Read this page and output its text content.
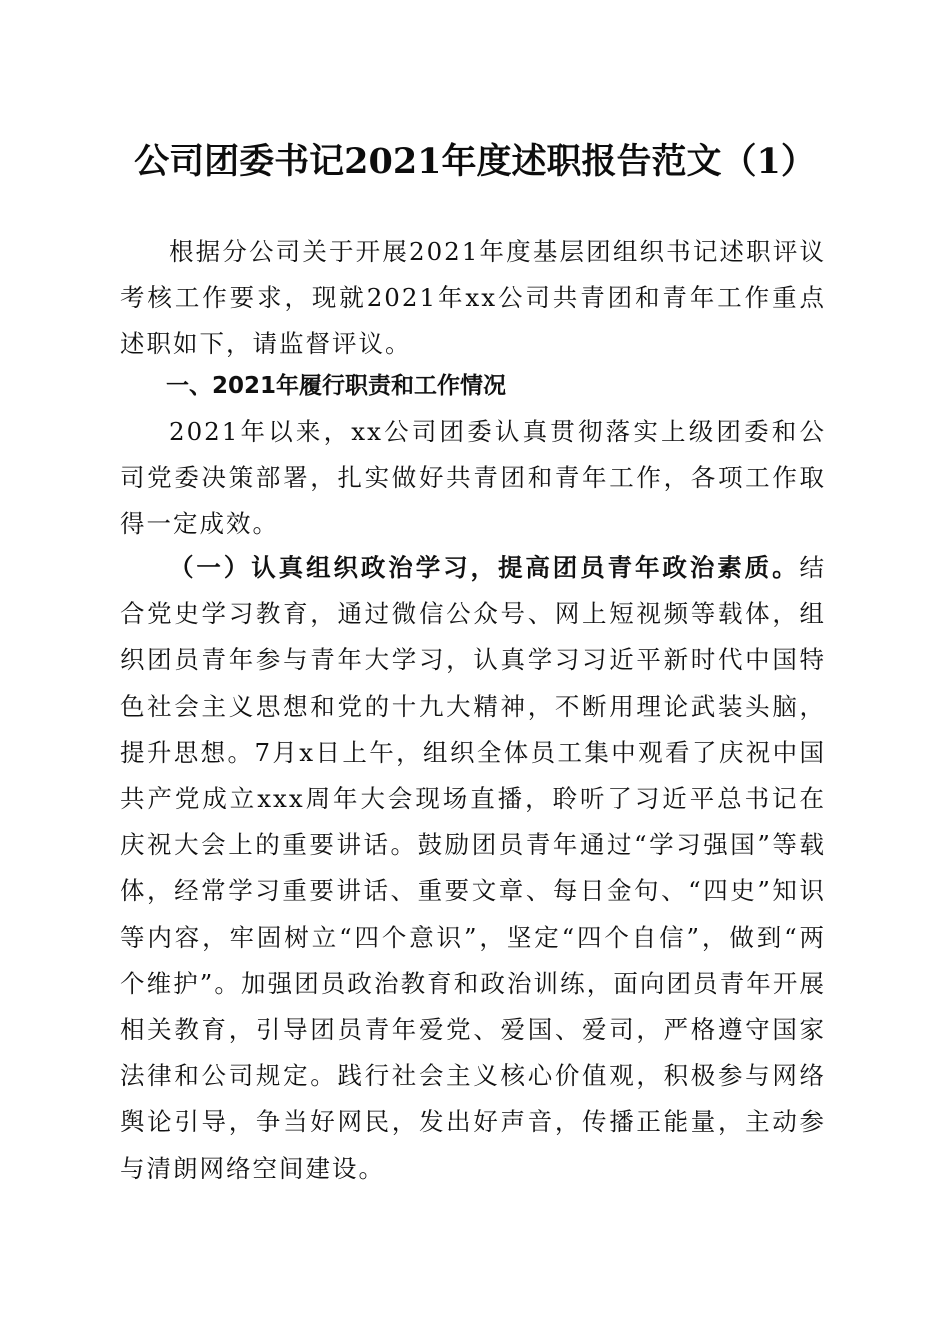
公司团委书记2021年度述职报告范文（1）

根据分公司关于开展2021年度基层团组织书记述职评议考核工作要求，现就2021年xx公司共青团和青年工作重点述职如下，请监督评议。

一、2021年履行职责和工作情况

2021年以来，xx公司团委认真贯彻落实上级团委和公司党委决策部署，扎实做好共青团和青年工作，各项工作取得一定成效。

（一）认真组织政治学习，提高团员青年政治素质。结合党史学习教育，通过微信公众号、网上短视频等载体，组织团员青年参与青年大学习，认真学习习近平新时代中国特色社会主义思想和党的十九大精神，不断用理论武装头脑，提升思想。7月x日上午，组织全体员工集中观看了庆祝中国共产党成立xxx周年大会现场直播，聆听了习近平总书记在庆祝大会上的重要讲话。鼓励团员青年通过“学习强国”等载体，经常学习重要讲话、重要文章、每日金句、“四史”知识等内容，牢固树立“四个意识”，坚定“四个自信”，做到“两个维护”。加强团员政治教育和政治训练，面向团员青年开展相关教育，引导团员青年爱党、爱国、爱司，严格遵守国家法律和公司规定。践行社会主义核心价值观，积极参与网络舆论引导，争当好网民，发出好声音，传播正能量，主动参与清朗网络空间建设。
